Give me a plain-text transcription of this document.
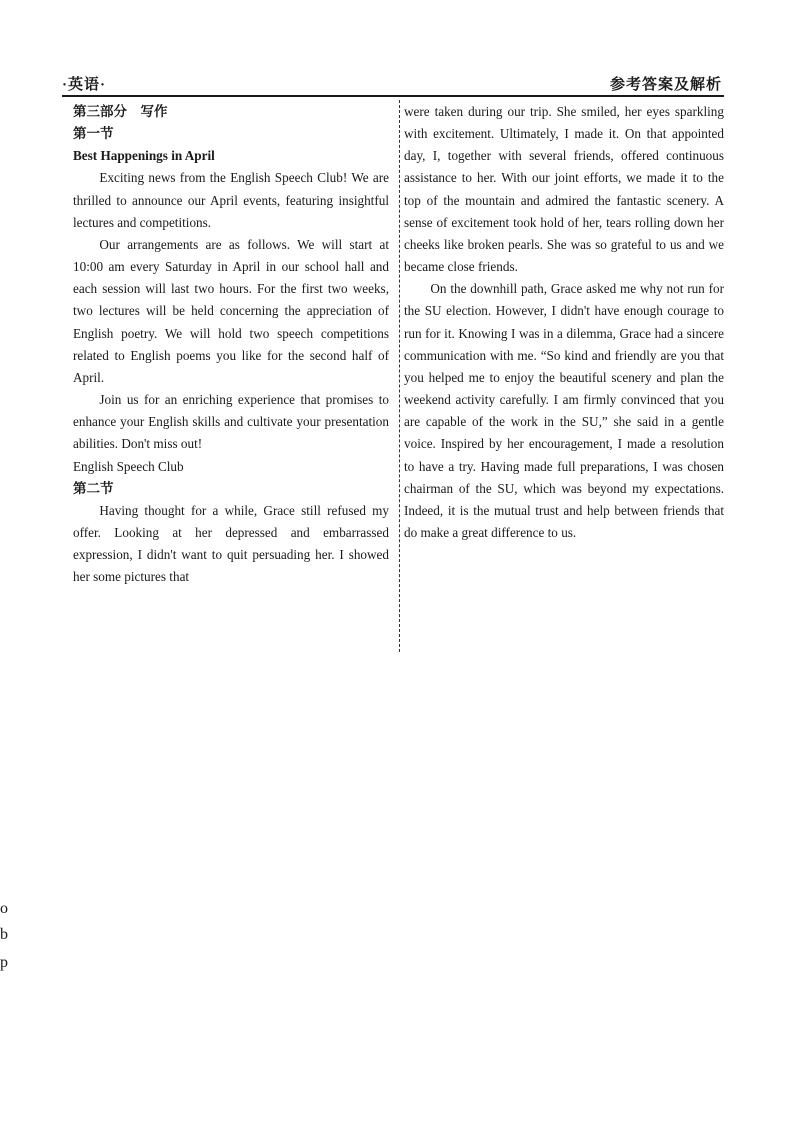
·英语·	参考答案及解析

第三部分　写作

第一节

Best Happenings in April

Exciting news from the English Speech Club! We are thrilled to announce our April events, featuring insightful lectures and competitions.

Our arrangements are as follows. We will start at 10:00 am every Saturday in April in our school hall and each session will last two hours. For the first two weeks, two lectures will be held concerning the appreciation of English poetry. We will hold two speech competitions related to English poems you like for the second half of April.

Join us for an enriching experience that promises to enhance your English skills and cultivate your presentation abilities. Don't miss out!

English Speech Club

第二节

Having thought for a while, Grace still refused my offer. Looking at her depressed and embarrassed expression, I didn't want to quit persuading her. I showed her some pictures that

were taken during our trip. She smiled, her eyes sparkling with excitement. Ultimately, I made it. On that appointed day, I, together with several friends, offered continuous assistance to her. With our joint efforts, we made it to the top of the mountain and admired the fantastic scenery. A sense of excitement took hold of her, tears rolling down her cheeks like broken pearls. She was so grateful to us and we became close friends.

On the downhill path, Grace asked me why not run for the SU election. However, I didn't have enough courage to run for it. Knowing I was in a dilemma, Grace had a sincere communication with me. “So kind and friendly are you that you helped me to enjoy the beautiful scenery and plan the weekend activity carefully. I am firmly convinced that you are capable of the work in the SU,” she said in a gentle voice. Inspired by her encouragement, I made a resolution to have a try. Having made full preparations, I was chosen chairman of the SU, which was beyond my expectations. Indeed, it is the mutual trust and help between friends that do make a great difference to us.

o
b
p
